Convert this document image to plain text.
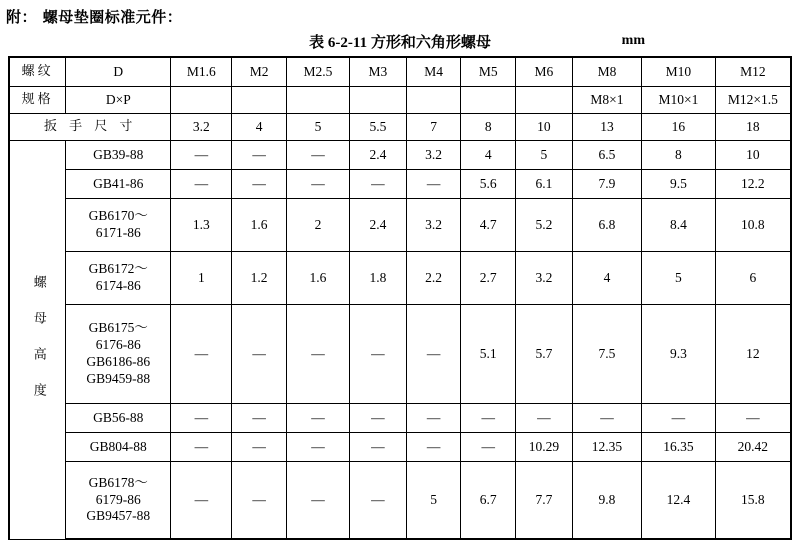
附： 螺母垫圈标准元件：
表 6-2-11 方形和六角形螺母	mm
螺纹	D	M1.6	M2	M2.5	M3	M4	M5	M6	M8	M10	M12
规格	D×P								M8×1	M10×1	M12×1.5
扳 手 尺 寸		3.2	4	5	5.5	7	8	10	13	16	18
螺 母 高 度	GB39-88	—	—	—	2.4	3.2	4	5	6.5	8	10
	GB41-86	—	—	—	—	—	5.6	6.1	7.9	9.5	12.2

	GB6170～
6171-86	1.3	1.6	2	2.4	3.2	4.7	5.2	6.8	8.4	10.8

	GB6172～
6174-86	1	1.2	1.6	1.8	2.2	2.7	3.2	4	5	6

	GB6175～
6176-86
GB6186-86
GB9459-88	—	—	—	—	—	5.1	5.7	7.5	9.3	12
	GB56-88	—	—	—	—	—	—	—	—	—	—
	GB804-88	—	—	—	—	—	—	10.29	12.35	16.35	20.42

	GB6178～
6179-86
GB9457-88	—	—	—	—	5	6.7	7.7	9.8	12.4	15.8
